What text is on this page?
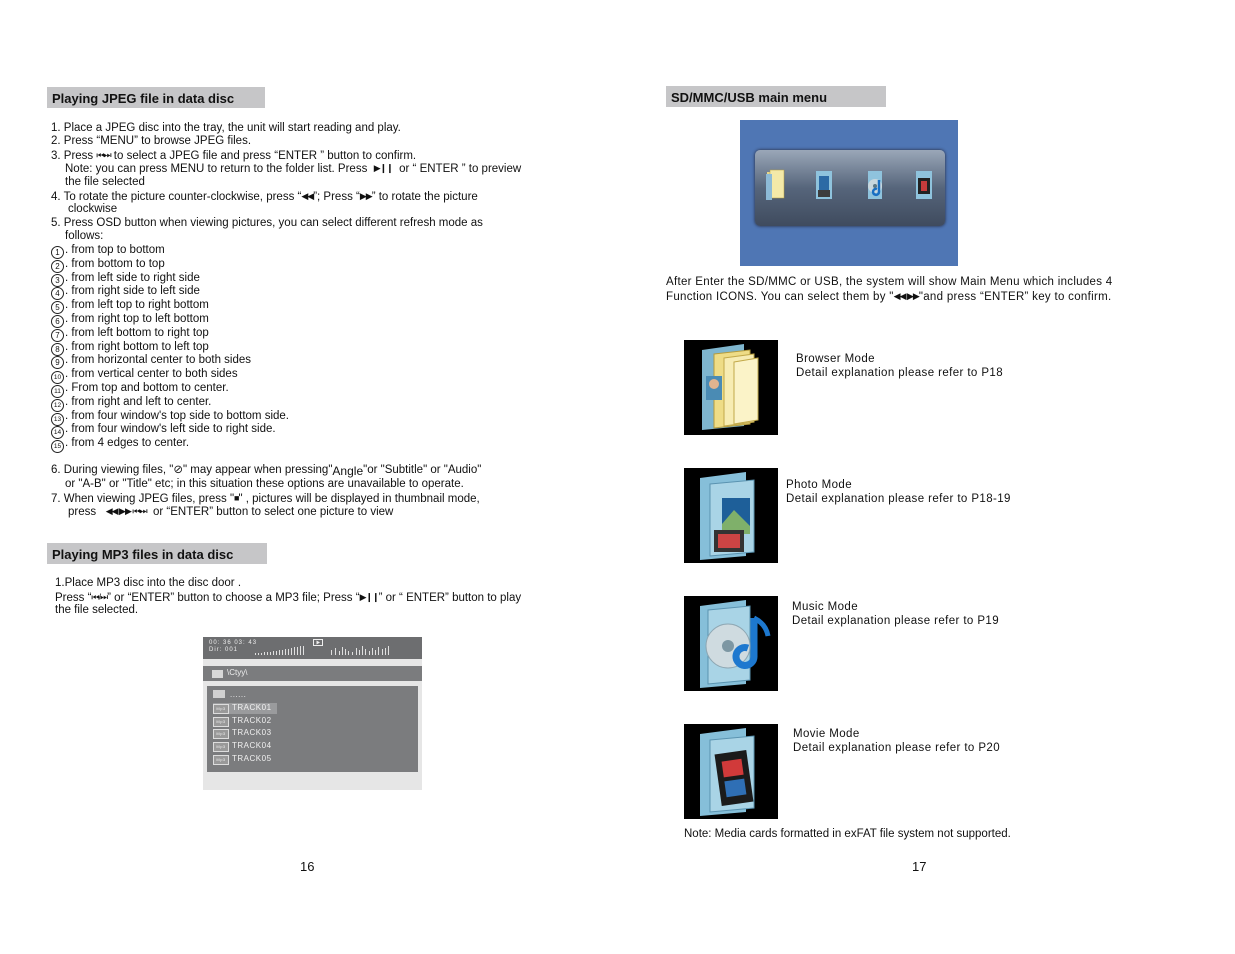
Playing JPEG file in data disc
1. Place a JPEG disc into the tray, the unit will start reading and play.
2. Press “MENU” to browse JPEG files.
3. Press ⏮⏭ to select a JPEG file and press “ENTER ” button to confirm.
Note: you can press MENU to return to the folder list. Press ▶❙❙ or “ ENTER ” to preview
the file selected
4. To rotate the picture counter-clockwise, press “◀◀”; Press “▶▶” to rotate the picture
clockwise
5. Press OSD button when viewing pictures, you can select different refresh mode as
follows:
1 . from top to bottom
2 . from bottom to top
3 . from left side to right side
4 . from right side to left side
5 . from left top to right bottom
6 . from right top to left bottom
7 . from left bottom to right top
8 . from right bottom to left top
9 . from horizontal center to both sides
10 . from vertical center to both sides
11 . From top and bottom to center.
12 . from right and left to center.
13 . from four window's top side to bottom side.
14 . from four window's left side to right side.
15 . from 4 edges to center.
6. During viewing files, "⊘" may appear when pressing"Angle"or "Subtitle" or "Audio"
or "A-B" or "Title" etc; in this situation these options are unavailable to operate.
7. When viewing JPEG files, press "■" , pictures will be displayed in thumbnail mode,
press ◀◀ ▶▶ ⏮⏭ or “ENTER” button to select one picture to view
Playing MP3 files in data disc
1.Place MP3 disc into the disc door .
Press “⏮/⏭” or “ENTER” button to choose a MP3 file; Press “▶❙❙” or “ ENTER” button to play
the file selected.
00: 36 03: 43
Dir: 001
\Ctyy\
......
Mp3 TRACK01
Mp3 TRACK02
Mp3 TRACK03
Mp3 TRACK04
Mp3 TRACK05
16
SD/MMC/USB main menu
After Enter the SD/MMC or USB, the system will show Main Menu which includes 4
Function ICONS. You can select them by "◀◀ ▶▶"and press “ENTER” key to confirm.
Browser Mode
Detail explanation please refer to P18
Photo Mode
Detail explanation please refer to P18-19
Music Mode
Detail explanation please refer to P19
Movie Mode
Detail explanation please refer to P20
Note: Media cards formatted in exFAT file system not supported.
17
